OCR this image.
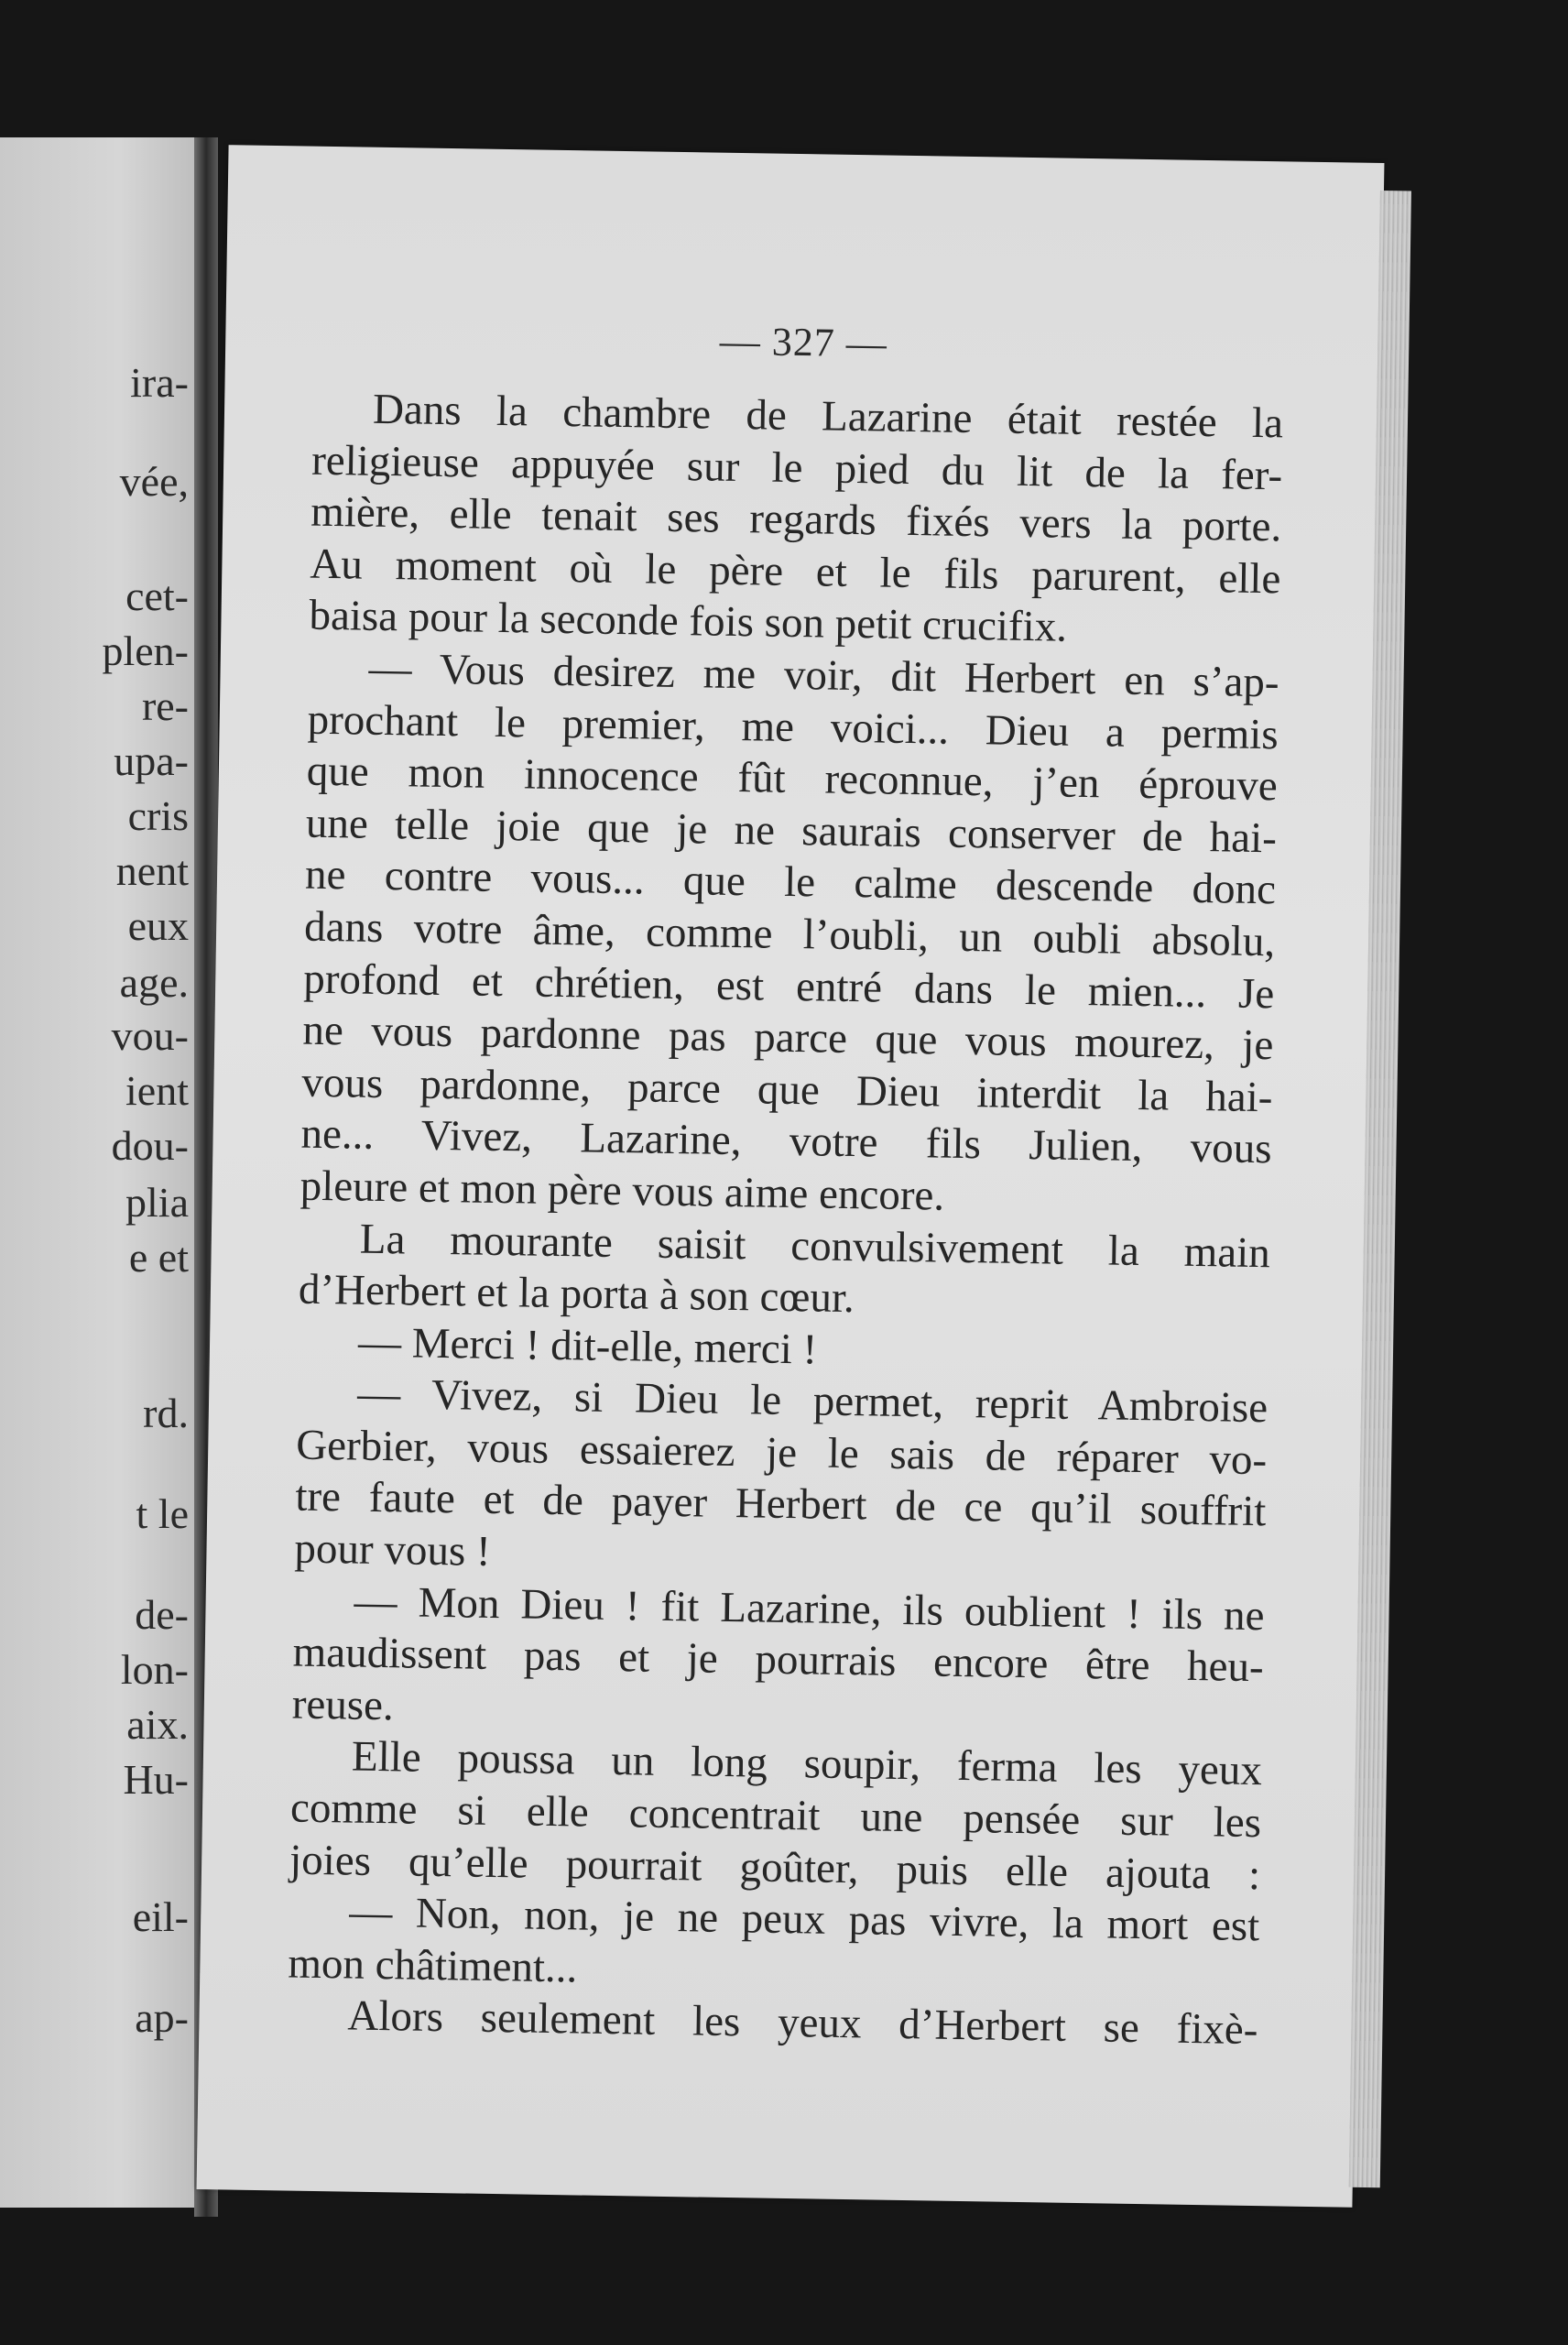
ira-
vée,
cet-
plen-
re-
upa-
cris
nent
eux
age.
vou-
ient
dou-
plia
e et
rd.
t le
de-
lon-
aix.
Hu-
eil-
ap-
— 327 —
Dans la chambre de Lazarine était restée la
religieuse appuyée sur le pied du lit de la fer-
mière, elle tenait ses regards fixés vers la porte.
Au moment où le père et le fils parurent, elle
baisa pour la seconde fois son petit crucifix.
— Vous desirez me voir, dit Herbert en s’ap-
prochant le premier, me voici... Dieu a permis
que mon innocence fût reconnue, j’en éprouve
une telle joie que je ne saurais conserver de hai-
ne contre vous... que le calme descende donc
dans votre âme, comme l’oubli, un oubli absolu,
profond et chrétien, est entré dans le mien... Je
ne vous pardonne pas parce que vous mourez, je
vous pardonne, parce que Dieu interdit la hai-
ne... Vivez, Lazarine, votre fils Julien, vous
pleure et mon père vous aime encore.
La mourante saisit convulsivement la main
d’Herbert et la porta à son cœur.
— Merci ! dit-elle, merci !
— Vivez, si Dieu le permet, reprit Ambroise
Gerbier, vous essaierez je le sais de réparer vo-
tre faute et de payer Herbert de ce qu’il souffrit
pour vous !
— Mon Dieu ! fit Lazarine, ils oublient ! ils ne
maudissent pas et je pourrais encore être heu-
reuse.
Elle poussa un long soupir, ferma les yeux
comme si elle concentrait une pensée sur les
joies qu’elle pourrait goûter, puis elle ajouta :
— Non, non, je ne peux pas vivre, la mort est
mon châtiment...
Alors seulement les yeux d’Herbert se fixè-
